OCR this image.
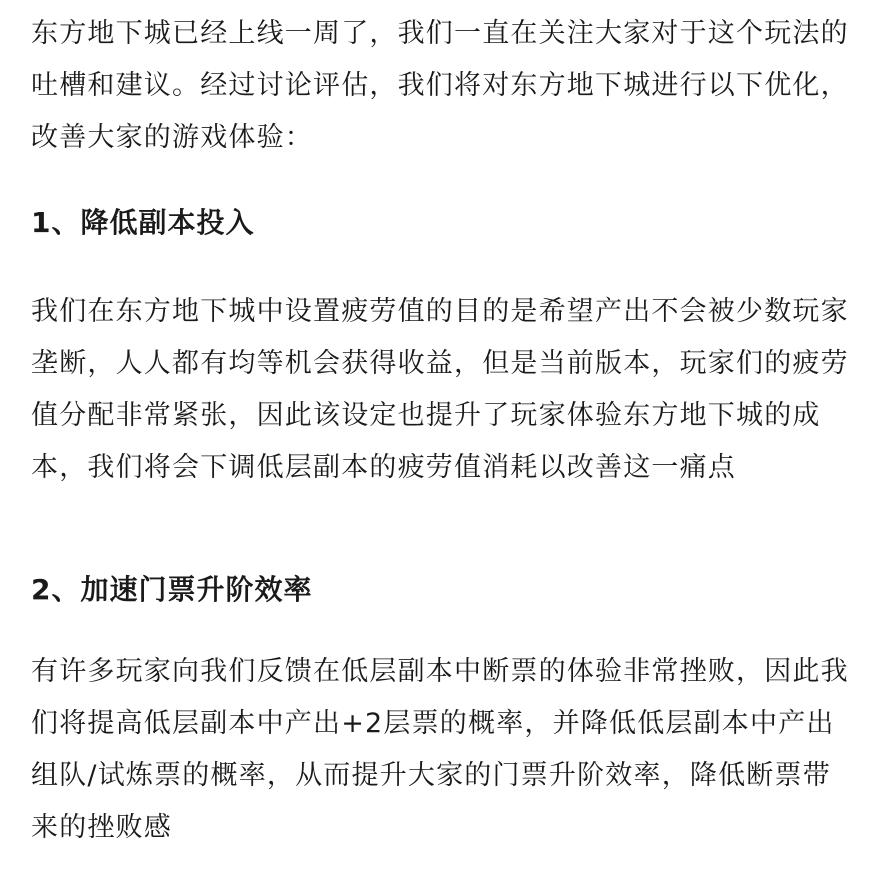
东方地下城已经上线一周了，我们一直在关注大家对于这个玩法的吐槽和建议。经过讨论评估，我们将对东方地下城进行以下优化，改善大家的游戏体验：

1、降低副本投入

我们在东方地下城中设置疲劳值的目的是希望产出不会被少数玩家垄断，人人都有均等机会获得收益，但是当前版本，玩家们的疲劳值分配非常紧张，因此该设定也提升了玩家体验东方地下城的成本，我们将会下调低层副本的疲劳值消耗以改善这一痛点

2、加速门票升阶效率

有许多玩家向我们反馈在低层副本中断票的体验非常挫败，因此我们将提高低层副本中产出+2层票的概率，并降低低层副本中产出组队/试炼票的概率，从而提升大家的门票升阶效率，降低断票带来的挫败感
